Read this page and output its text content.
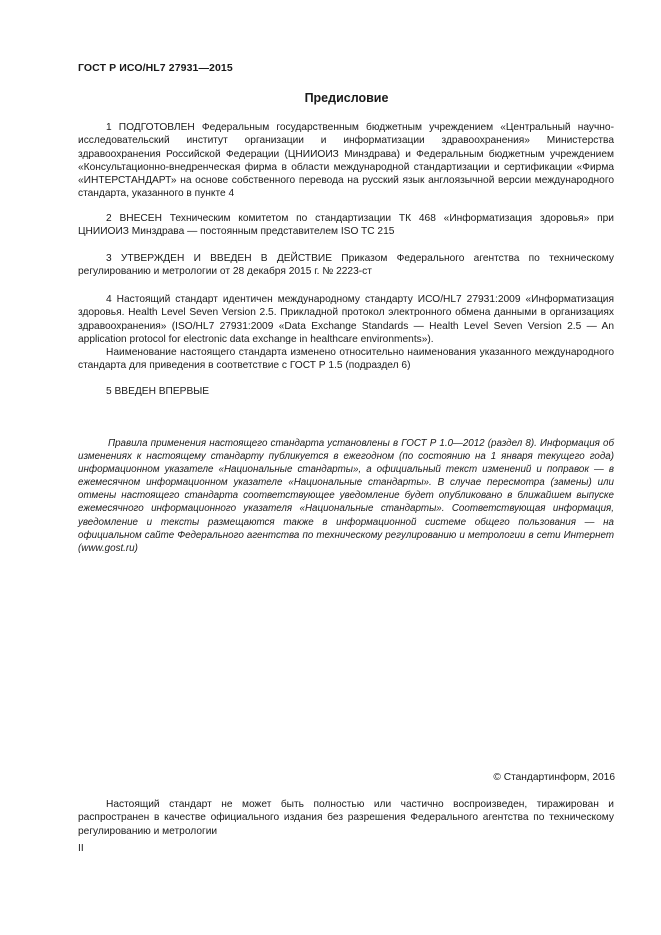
ГОСТ Р ИСО/HL7 27931—2015
Предисловие

1 ПОДГОТОВЛЕН Федеральным государственным бюджетным учреждением «Центральный научно-исследовательский институт организации и информатизации здравоохранения» Министерства здравоохранения Российской Федерации (ЦНИИОИЗ Минздрава) и Федеральным бюджетным учреждением «Консультационно-внедренческая фирма в области международной стандартизации и сертификации «Фирма «ИНТЕРСТАНДАРТ» на основе собственного перевода на русский язык англоязычной версии международного стандарта, указанного в пункте 4

2 ВНЕСЕН Техническим комитетом по стандартизации ТК 468 «Информатизация здоровья» при ЦНИИОИЗ Минздрава — постоянным представителем ISO TC 215

3 УТВЕРЖДЕН И ВВЕДЕН В ДЕЙСТВИЕ Приказом Федерального агентства по техническому регулированию и метрологии от 28 декабря 2015 г. № 2223-ст

4 Настоящий стандарт идентичен международному стандарту ИСО/HL7 27931:2009 «Информатизация здоровья. Health Level Seven Version 2.5. Прикладной протокол электронного обмена данными в организациях здравоохранения» (ISO/HL7 27931:2009 «Data Exchange Standards — Health Level Seven Version 2.5 — An application protocol for electronic data exchange in healthcare environments»).

Наименование настоящего стандарта изменено относительно наименования указанного международного стандарта для приведения в соответствие с ГОСТ Р 1.5 (подраздел 6)

5 ВВЕДЕН ВПЕРВЫЕ

Правила применения настоящего стандарта установлены в ГОСТ Р 1.0—2012 (раздел 8). Информация об изменениях к настоящему стандарту публикуется в ежегодном (по состоянию на 1 января текущего года) информационном указателе «Национальные стандарты», а официальный текст изменений и поправок — в ежемесячном информационном указателе «Национальные стандарты». В случае пересмотра (замены) или отмены настоящего стандарта соответствующее уведомление будет опубликовано в ближайшем выпуске ежемесячного информационного указателя «Национальные стандарты». Соответствующая информация, уведомление и тексты размещаются также в информационной системе общего пользования — на официальном сайте Федерального агентства по техническому регулированию и метрологии в сети Интернет (www.gost.ru)

© Стандартинформ, 2016

Настоящий стандарт не может быть полностью или частично воспроизведен, тиражирован и распространен в качестве официального издания без разрешения Федерального агентства по техническому регулированию и метрологии

II
